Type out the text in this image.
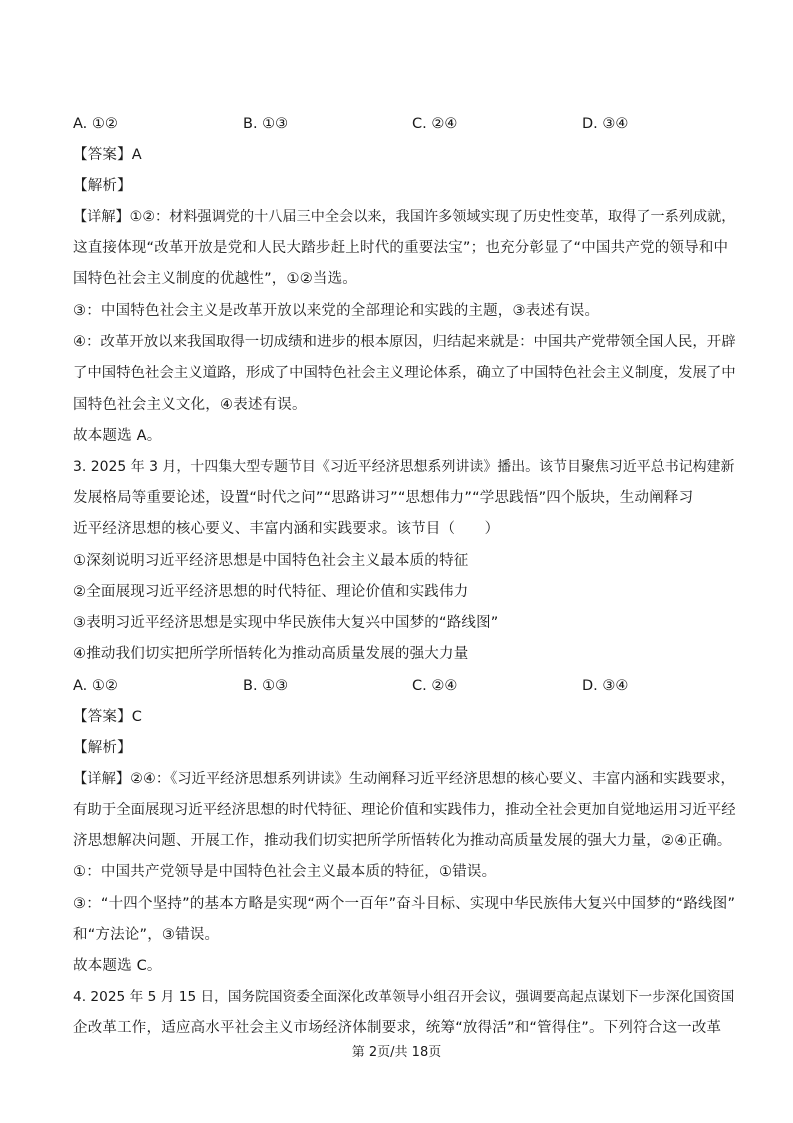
A. ①②	B. ①③	C. ②④	D. ③④
【答案】A
【解析】
【详解】①②：材料强调党的十八届三中全会以来，我国许多领域实现了历史性变革，取得了一系列成就，
这直接体现“改革开放是党和人民大踏步赶上时代的重要法宝”；也充分彰显了“中国共产党的领导和中
国特色社会主义制度的优越性”，①②当选。
③：中国特色社会主义是改革开放以来党的全部理论和实践的主题，③表述有误。
④：改革开放以来我国取得一切成绩和进步的根本原因，归结起来就是：中国共产党带领全国人民，开辟
了中国特色社会主义道路，形成了中国特色社会主义理论体系，确立了中国特色社会主义制度，发展了中
国特色社会主义文化，④表述有误。
故本题选 A。
3. 2025 年 3 月，十四集大型专题节目《习近平经济思想系列讲读》播出。该节目聚焦习近平总书记构建新
发展格局等重要论述，设置“时代之问”“思路讲习”“思想伟力”“学思践悟”四个版块，生动阐释习
近平经济思想的核心要义、丰富内涵和实践要求。该节目（　　）
①深刻说明习近平经济思想是中国特色社会主义最本质的特征
②全面展现习近平经济思想的时代特征、理论价值和实践伟力
③表明习近平经济思想是实现中华民族伟大复兴中国梦的“路线图”
④推动我们切实把所学所悟转化为推动高质量发展的强大力量
A. ①②	B. ①③	C. ②④	D. ③④
【答案】C
【解析】
【详解】②④：《习近平经济思想系列讲读》生动阐释习近平经济思想的核心要义、丰富内涵和实践要求，
有助于全面展现习近平经济思想的时代特征、理论价值和实践伟力，推动全社会更加自觉地运用习近平经
济思想解决问题、开展工作，推动我们切实把所学所悟转化为推动高质量发展的强大力量，②④正确。
①：中国共产党领导是中国特色社会主义最本质的特征，①错误。
③：“十四个坚持”的基本方略是实现“两个一百年”奋斗目标、实现中华民族伟大复兴中国梦的“路线图”
和“方法论”，③错误。
故本题选 C。
4. 2025 年 5 月 15 日，国务院国资委全面深化改革领导小组召开会议，强调要高起点谋划下一步深化国资国
企改革工作，适应高水平社会主义市场经济体制要求，统筹“放得活”和“管得住”。下列符合这一改革
第 2页/共 18页
